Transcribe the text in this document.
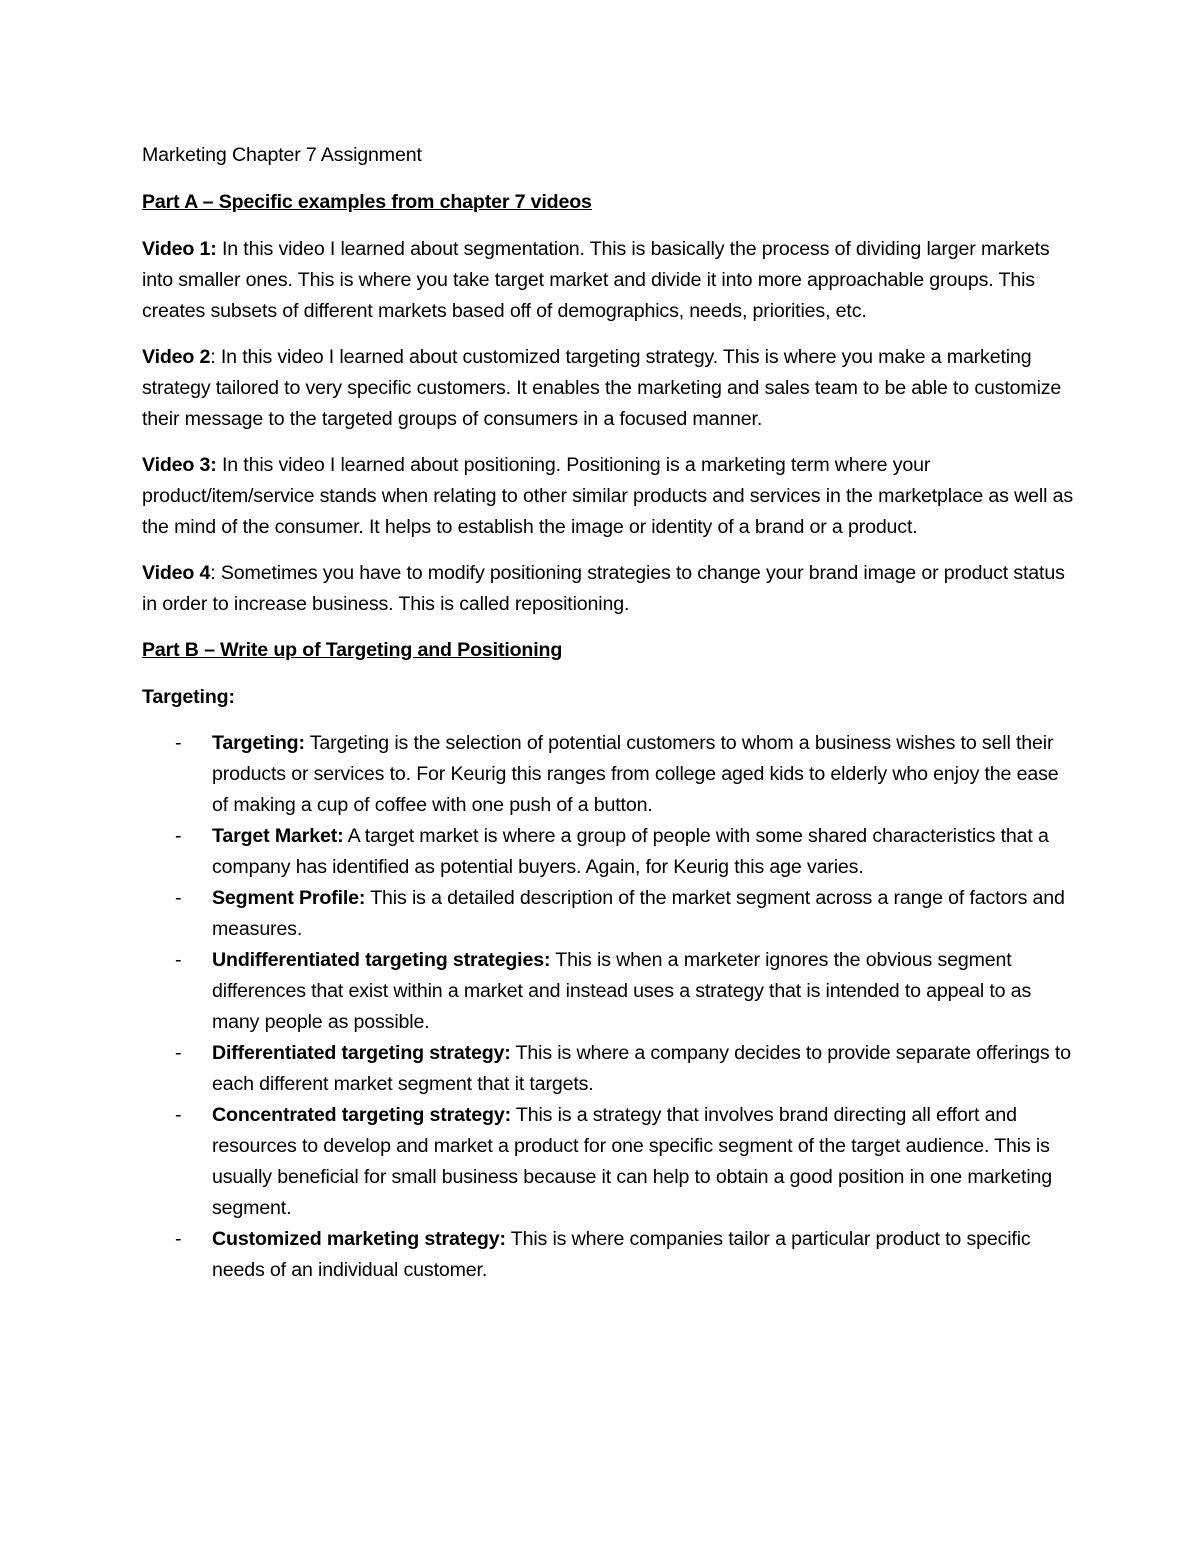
Marketing Chapter 7 Assignment

Part A – Specific examples from chapter 7 videos

Video 1: In this video I learned about segmentation. This is basically the process of dividing larger markets into smaller ones. This is where you take target market and divide it into more approachable groups. This creates subsets of different markets based off of demographics, needs, priorities, etc.

Video 2: In this video I learned about customized targeting strategy. This is where you make a marketing strategy tailored to very specific customers. It enables the marketing and sales team to be able to customize their message to the targeted groups of consumers in a focused manner.

Video 3: In this video I learned about positioning. Positioning is a marketing term where your product/item/service stands when relating to other similar products and services in the marketplace as well as the mind of the consumer. It helps to establish the image or identity of a brand or a product.

Video 4: Sometimes you have to modify positioning strategies to change your brand image or product status in order to increase business. This is called repositioning.

Part B – Write up of Targeting and Positioning

Targeting:

- Targeting: Targeting is the selection of potential customers to whom a business wishes to sell their products or services to. For Keurig this ranges from college aged kids to elderly who enjoy the ease of making a cup of coffee with one push of a button.
- Target Market: A target market is where a group of people with some shared characteristics that a company has identified as potential buyers. Again, for Keurig this age varies.
- Segment Profile: This is a detailed description of the market segment across a range of factors and measures.
- Undifferentiated targeting strategies: This is when a marketer ignores the obvious segment differences that exist within a market and instead uses a strategy that is intended to appeal to as many people as possible.
- Differentiated targeting strategy: This is where a company decides to provide separate offerings to each different market segment that it targets.
- Concentrated targeting strategy: This is a strategy that involves brand directing all effort and resources to develop and market a product for one specific segment of the target audience. This is usually beneficial for small business because it can help to obtain a good position in one marketing segment.
- Customized marketing strategy: This is where companies tailor a particular product to specific needs of an individual customer.
